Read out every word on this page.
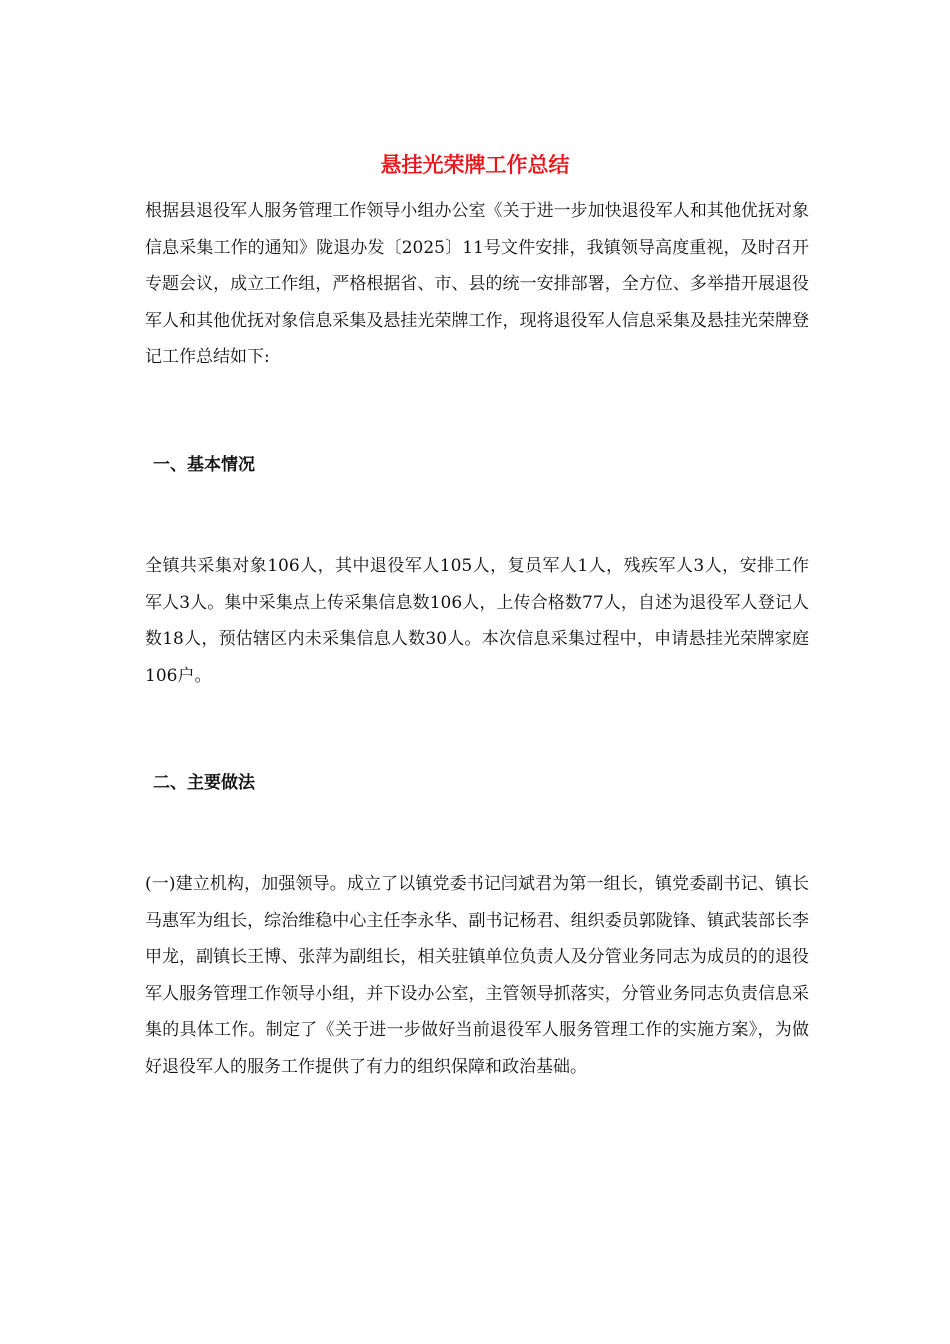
悬挂光荣牌工作总结

根据县退役军人服务管理工作领导小组办公室《关于进一步加快退役军人和其他优抚对象信息采集工作的通知》陇退办发〔2025〕11号文件安排，我镇领导高度重视，及时召开专题会议，成立工作组，严格根据省、市、县的统一安排部署，全方位、多举措开展退役军人和其他优抚对象信息采集及悬挂光荣牌工作，现将退役军人信息采集及悬挂光荣牌登记工作总结如下:

一、基本情况

全镇共采集对象106人，其中退役军人105人，复员军人1人，残疾军人3人，安排工作军人3人。集中采集点上传采集信息数106人，上传合格数77人，自述为退役军人登记人数18人，预估辖区内未采集信息人数30人。本次信息采集过程中，申请悬挂光荣牌家庭106户。

二、主要做法

(一)建立机构，加强领导。成立了以镇党委书记闫斌君为第一组长，镇党委副书记、镇长马惠军为组长，综治维稳中心主任李永华、副书记杨君、组织委员郭陇锋、镇武装部长李甲龙，副镇长王博、张萍为副组长，相关驻镇单位负责人及分管业务同志为成员的的退役军人服务管理工作领导小组，并下设办公室，主管领导抓落实，分管业务同志负责信息采集的具体工作。制定了《关于进一步做好当前退役军人服务管理工作的实施方案》，为做好退役军人的服务工作提供了有力的组织保障和政治基础。
